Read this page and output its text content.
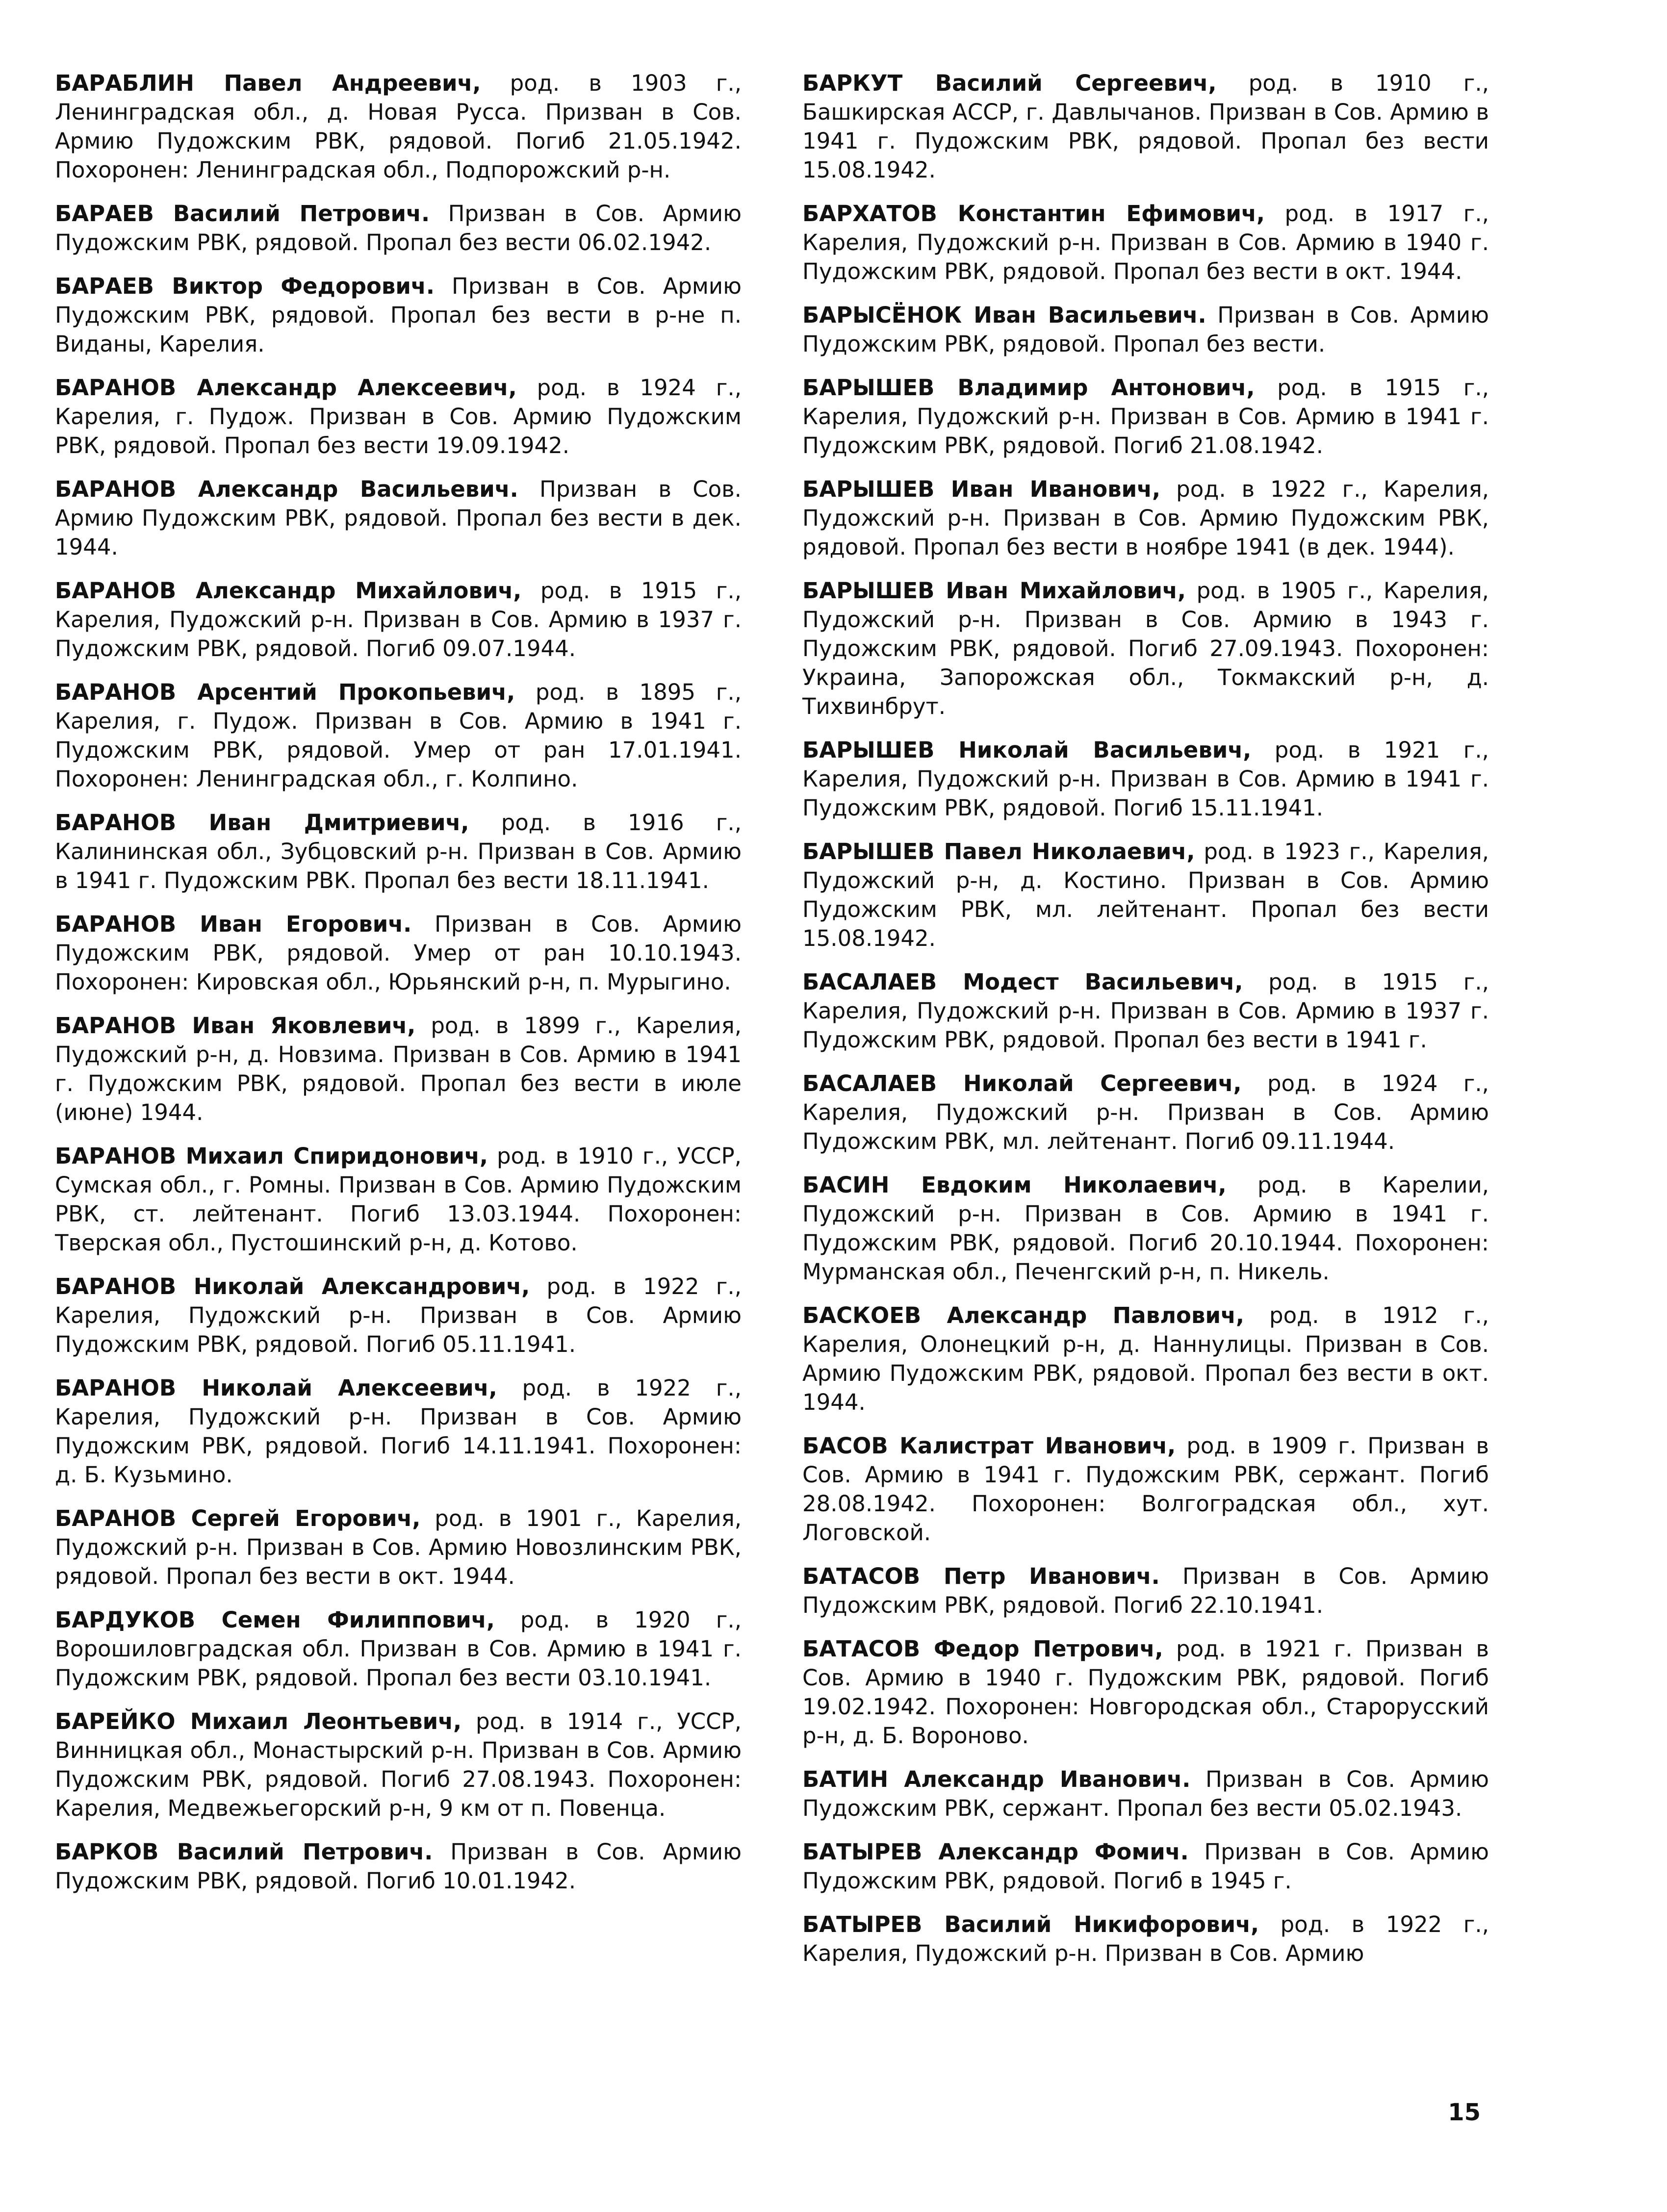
БАРАБЛИН Павел Андреевич, род. в 1903 г., Ленинградская обл., д. Новая Русса. Призван в Сов. Армию Пудожским РВК, рядовой. Погиб 21.05.1942. Похоронен: Ленинградская обл., Подпорожский р-н.

БАРАЕВ Василий Петрович. Призван в Сов. Армию Пудожским РВК, рядовой. Пропал без вести 06.02.1942.

БАРАЕВ Виктор Федорович. Призван в Сов. Армию Пудожским РВК, рядовой. Пропал без вести в р-не п. Виданы, Карелия.

БАРАНОВ Александр Алексеевич, род. в 1924 г., Карелия, г. Пудож. Призван в Сов. Армию Пудожским РВК, рядовой. Пропал без вести 19.09.1942.

БАРАНОВ Александр Васильевич. Призван в Сов. Армию Пудожским РВК, рядовой. Пропал без вести в дек. 1944.

БАРАНОВ Александр Михайлович, род. в 1915 г., Карелия, Пудожский р-н. Призван в Сов. Армию в 1937 г. Пудожским РВК, рядовой. Погиб 09.07.1944.

БАРАНОВ Арсентий Прокопьевич, род. в 1895 г., Карелия, г. Пудож. Призван в Сов. Армию в 1941 г. Пудожским РВК, рядовой. Умер от ран 17.01.1941. Похоронен: Ленинградская обл., г. Колпино.

БАРАНОВ Иван Дмитриевич, род. в 1916 г., Калининская обл., Зубцовский р-н. Призван в Сов. Армию в 1941 г. Пудожским РВК. Пропал без вести 18.11.1941.

БАРАНОВ Иван Егорович. Призван в Сов. Армию Пудожским РВК, рядовой. Умер от ран 10.10.1943. Похоронен: Кировская обл., Юрьянский р-н, п. Мурыгино.

БАРАНОВ Иван Яковлевич, род. в 1899 г., Карелия, Пудожский р-н, д. Новзима. Призван в Сов. Армию в 1941 г. Пудожским РВК, рядовой. Пропал без вести в июле (июне) 1944.

БАРАНОВ Михаил Спиридонович, род. в 1910 г., УССР, Сумская обл., г. Ромны. Призван в Сов. Армию Пудожским РВК, ст. лейтенант. Погиб 13.03.1944. Похоронен: Тверская обл., Пустошинский р-н, д. Котово.

БАРАНОВ Николай Александрович, род. в 1922 г., Карелия, Пудожский р-н. Призван в Сов. Армию Пудожским РВК, рядовой. Погиб 05.11.1941.

БАРАНОВ Николай Алексеевич, род. в 1922 г., Карелия, Пудожский р-н. Призван в Сов. Армию Пудожским РВК, рядовой. Погиб 14.11.1941. Похоронен: д. Б. Кузьмино.

БАРАНОВ Сергей Егорович, род. в 1901 г., Карелия, Пудожский р-н. Призван в Сов. Армию Новозлинским РВК, рядовой. Пропал без вести в окт. 1944.

БАРДУКОВ Семен Филиппович, род. в 1920 г., Ворошиловградская обл. Призван в Сов. Армию в 1941 г. Пудожским РВК, рядовой. Пропал без вести 03.10.1941.

БАРЕЙКО Михаил Леонтьевич, род. в 1914 г., УССР, Винницкая обл., Монастырский р-н. Призван в Сов. Армию Пудожским РВК, рядовой. Погиб 27.08.1943. Похоронен: Карелия, Медвежьегорский р-н, 9 км от п. Повенца.

БАРКОВ Василий Петрович. Призван в Сов. Армию Пудожским РВК, рядовой. Погиб 10.01.1942.

БАРКУТ Василий Сергеевич, род. в 1910 г., Башкирская АССР, г. Давлычанов. Призван в Сов. Армию в 1941 г. Пудожским РВК, рядовой. Пропал без вести 15.08.1942.

БАРХАТОВ Константин Ефимович, род. в 1917 г., Карелия, Пудожский р-н. Призван в Сов. Армию в 1940 г. Пудожским РВК, рядовой. Пропал без вести в окт. 1944.

БАРЫСЁНОК Иван Васильевич. Призван в Сов. Армию Пудожским РВК, рядовой. Пропал без вести.

БАРЫШЕВ Владимир Антонович, род. в 1915 г., Карелия, Пудожский р-н. Призван в Сов. Армию в 1941 г. Пудожским РВК, рядовой. Погиб 21.08.1942.

БАРЫШЕВ Иван Иванович, род. в 1922 г., Карелия, Пудожский р-н. Призван в Сов. Армию Пудожским РВК, рядовой. Пропал без вести в ноябре 1941 (в дек. 1944).

БАРЫШЕВ Иван Михайлович, род. в 1905 г., Карелия, Пудожский р-н. Призван в Сов. Армию в 1943 г. Пудожским РВК, рядовой. Погиб 27.09.1943. Похоронен: Украина, Запорожская обл., Токмакский р-н, д. Тихвинбрут.

БАРЫШЕВ Николай Васильевич, род. в 1921 г., Карелия, Пудожский р-н. Призван в Сов. Армию в 1941 г. Пудожским РВК, рядовой. Погиб 15.11.1941.

БАРЫШЕВ Павел Николаевич, род. в 1923 г., Карелия, Пудожский р-н, д. Костино. Призван в Сов. Армию Пудожским РВК, мл. лейтенант. Пропал без вести 15.08.1942.

БАСАЛАЕВ Модест Васильевич, род. в 1915 г., Карелия, Пудожский р-н. Призван в Сов. Армию в 1937 г. Пудожским РВК, рядовой. Пропал без вести в 1941 г.

БАСАЛАЕВ Николай Сергеевич, род. в 1924 г., Карелия, Пудожский р-н. Призван в Сов. Армию Пудожским РВК, мл. лейтенант. Погиб 09.11.1944.

БАСИН Евдоким Николаевич, род. в Карелии, Пудожский р-н. Призван в Сов. Армию в 1941 г. Пудожским РВК, рядовой. Погиб 20.10.1944. Похоронен: Мурманская обл., Печенгский р-н, п. Никель.

БАСКОЕВ Александр Павлович, род. в 1912 г., Карелия, Олонецкий р-н, д. Наннулицы. Призван в Сов. Армию Пудожским РВК, рядовой. Пропал без вести в окт. 1944.

БАСОВ Калистрат Иванович, род. в 1909 г. Призван в Сов. Армию в 1941 г. Пудожским РВК, сержант. Погиб 28.08.1942. Похоронен: Волгоградская обл., хут. Логовской.

БАТАСОВ Петр Иванович. Призван в Сов. Армию Пудожским РВК, рядовой. Погиб 22.10.1941.

БАТАСОВ Федор Петрович, род. в 1921 г. Призван в Сов. Армию в 1940 г. Пудожским РВК, рядовой. Погиб 19.02.1942. Похоронен: Новгородская обл., Старорусский р-н, д. Б. Вороново.

БАТИН Александр Иванович. Призван в Сов. Армию Пудожским РВК, сержант. Пропал без вести 05.02.1943.

БАТЫРЕВ Александр Фомич. Призван в Сов. Армию Пудожским РВК, рядовой. Погиб в 1945 г.

БАТЫРЕВ Василий Никифорович, род. в 1922 г., Карелия, Пудожский р-н. Призван в Сов. Армию

15
